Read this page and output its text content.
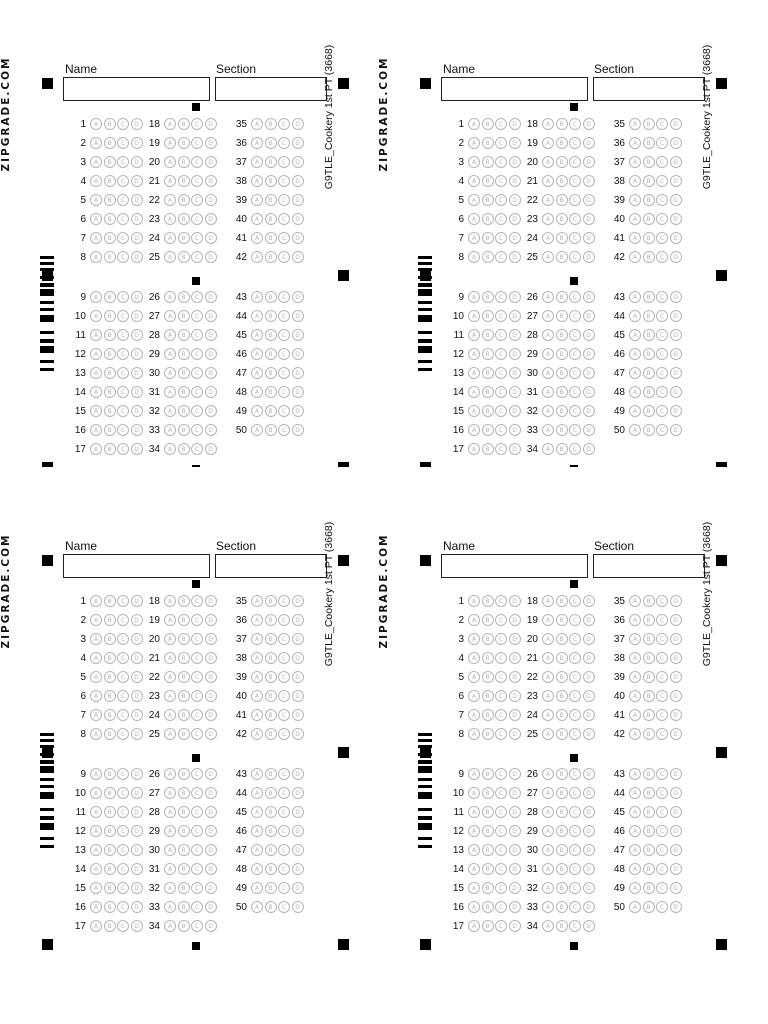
Name	Section
ZIPGRADE.COM	G9TLE_Cookery 1st PT (3668)
1	A	B	C	D
2	A	B	C	D
3	A	B	C	D
4	A	B	C	D
5	A	B	C	D
6	A	B	C	D
7	A	B	C	D
8	A	B	C	D
9	A	B	C	D
10	A	B	C	D
11	A	B	C	D
12	A	B	C	D
13	A	B	C	D
14	A	B	C	D
15	A	B	C	D
16	A	B	C	D
17	A	B	C	D
18	A	B	C	D
19	A	B	C	D
20	A	B	C	D
21	A	B	C	D
22	A	B	C	D
23	A	B	C	D
24	A	B	C	D
25	A	B	C	D
26	A	B	C	D
27	A	B	C	D
28	A	B	C	D
29	A	B	C	D
30	A	B	C	D
31	A	B	C	D
32	A	B	C	D
33	A	B	C	D
34	A	B	C	D
35	A	B	C	D
36	A	B	C	D
37	A	B	C	D
38	A	B	C	D
39	A	B	C	D
40	A	B	C	D
41	A	B	C	D
42	A	B	C	D
43	A	B	C	D
44	A	B	C	D
45	A	B	C	D
46	A	B	C	D
47	A	B	C	D
48	A	B	C	D
49	A	B	C	D
50	A	B	C	D
Name	Section
ZIPGRADE.COM	G9TLE_Cookery 1st PT (3668)
1	A	B	C	D
2	A	B	C	D
3	A	B	C	D
4	A	B	C	D
5	A	B	C	D
6	A	B	C	D
7	A	B	C	D
8	A	B	C	D
9	A	B	C	D
10	A	B	C	D
11	A	B	C	D
12	A	B	C	D
13	A	B	C	D
14	A	B	C	D
15	A	B	C	D
16	A	B	C	D
17	A	B	C	D
18	A	B	C	D
19	A	B	C	D
20	A	B	C	D
21	A	B	C	D
22	A	B	C	D
23	A	B	C	D
24	A	B	C	D
25	A	B	C	D
26	A	B	C	D
27	A	B	C	D
28	A	B	C	D
29	A	B	C	D
30	A	B	C	D
31	A	B	C	D
32	A	B	C	D
33	A	B	C	D
34	A	B	C	D
35	A	B	C	D
36	A	B	C	D
37	A	B	C	D
38	A	B	C	D
39	A	B	C	D
40	A	B	C	D
41	A	B	C	D
42	A	B	C	D
43	A	B	C	D
44	A	B	C	D
45	A	B	C	D
46	A	B	C	D
47	A	B	C	D
48	A	B	C	D
49	A	B	C	D
50	A	B	C	D
Name	Section
ZIPGRADE.COM	G9TLE_Cookery 1st PT (3668)
1	A	B	C	D
2	A	B	C	D
3	A	B	C	D
4	A	B	C	D
5	A	B	C	D
6	A	B	C	D
7	A	B	C	D
8	A	B	C	D
9	A	B	C	D
10	A	B	C	D
11	A	B	C	D
12	A	B	C	D
13	A	B	C	D
14	A	B	C	D
15	A	B	C	D
16	A	B	C	D
17	A	B	C	D
18	A	B	C	D
19	A	B	C	D
20	A	B	C	D
21	A	B	C	D
22	A	B	C	D
23	A	B	C	D
24	A	B	C	D
25	A	B	C	D
26	A	B	C	D
27	A	B	C	D
28	A	B	C	D
29	A	B	C	D
30	A	B	C	D
31	A	B	C	D
32	A	B	C	D
33	A	B	C	D
34	A	B	C	D
35	A	B	C	D
36	A	B	C	D
37	A	B	C	D
38	A	B	C	D
39	A	B	C	D
40	A	B	C	D
41	A	B	C	D
42	A	B	C	D
43	A	B	C	D
44	A	B	C	D
45	A	B	C	D
46	A	B	C	D
47	A	B	C	D
48	A	B	C	D
49	A	B	C	D
50	A	B	C	D
Name	Section
ZIPGRADE.COM	G9TLE_Cookery 1st PT (3668)
1	A	B	C	D
2	A	B	C	D
3	A	B	C	D
4	A	B	C	D
5	A	B	C	D
6	A	B	C	D
7	A	B	C	D
8	A	B	C	D
9	A	B	C	D
10	A	B	C	D
11	A	B	C	D
12	A	B	C	D
13	A	B	C	D
14	A	B	C	D
15	A	B	C	D
16	A	B	C	D
17	A	B	C	D
18	A	B	C	D
19	A	B	C	D
20	A	B	C	D
21	A	B	C	D
22	A	B	C	D
23	A	B	C	D
24	A	B	C	D
25	A	B	C	D
26	A	B	C	D
27	A	B	C	D
28	A	B	C	D
29	A	B	C	D
30	A	B	C	D
31	A	B	C	D
32	A	B	C	D
33	A	B	C	D
34	A	B	C	D
35	A	B	C	D
36	A	B	C	D
37	A	B	C	D
38	A	B	C	D
39	A	B	C	D
40	A	B	C	D
41	A	B	C	D
42	A	B	C	D
43	A	B	C	D
44	A	B	C	D
45	A	B	C	D
46	A	B	C	D
47	A	B	C	D
48	A	B	C	D
49	A	B	C	D
50	A	B	C	D
